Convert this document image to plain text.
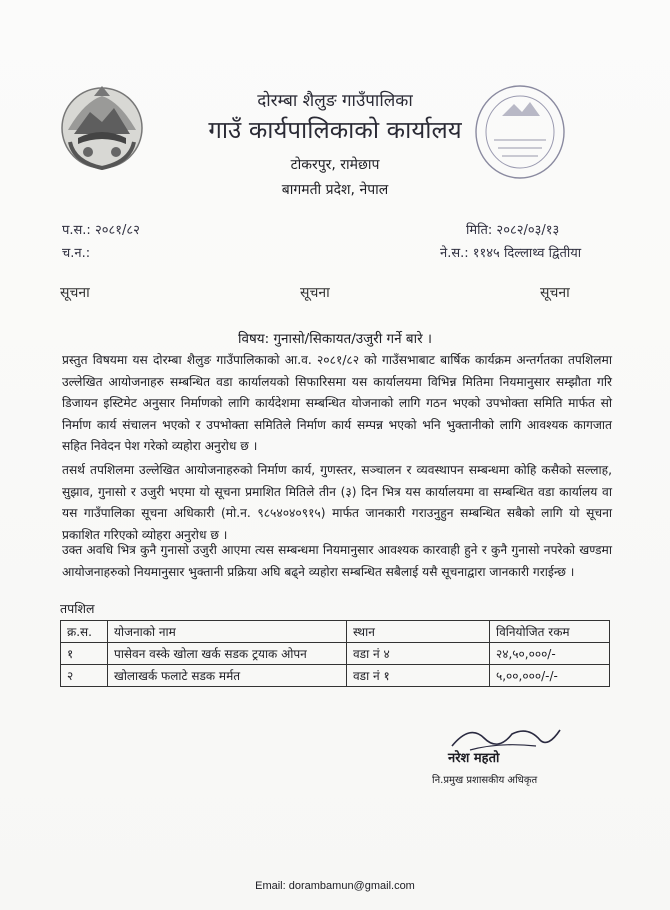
दोरम्बा शैलुङ गाउँपालिका
गाउँ कार्यपालिकाको कार्यालय
टोकरपुर, रामेछाप
बागमती प्रदेश, नेपाल
प.स.: २०८१/८२
च.न.:
मिति: २०८२/०३/१३
ने.स.: ११४५ दिल्लाथ्व द्वितीया
सूचना	सूचना	सूचना
विषय: गुनासो/सिकायत/उजुरी गर्ने बारे ।

प्रस्तुत विषयमा यस दोरम्बा शैलुङ गाउँपालिकाको आ.व. २०८१/८२ को गाउँसभाबाट बार्षिक कार्यक्रम अन्तर्गतका तपशिलमा उल्लेखित आयोजनाहरु सम्बन्धित वडा कार्यालयको सिफारिसमा यस कार्यालयमा विभिन्न मितिमा नियमानुसार सम्झौता गरि डिजायन इस्टिमेट अनुसार निर्माणको लागि कार्यदेशमा सम्बन्धित योजनाको लागि गठन भएको उपभोक्ता समिति मार्फत सो निर्माण कार्य संचालन भएको र उपभोक्ता समितिले निर्माण कार्य सम्पन्न भएको भनि भुक्तानीको लागि आवश्यक कागजात सहित निवेदन पेश गरेको व्यहोरा अनुरोध छ ।

तसर्थ तपशिलमा उल्लेखित आयोजनाहरुको निर्माण कार्य, गुणस्तर, सञ्चालन र व्यवस्थापन सम्बन्धमा कोहि कसैको सल्लाह, सुझाव, गुनासो र उजुरी भएमा यो सूचना प्रमाशित मितिले तीन (३) दिन भित्र यस कार्यालयमा वा सम्बन्धित वडा कार्यालय वा यस गाउँपालिका सूचना अधिकारी (मो.न. ९८५४०४०९१५) मार्फत जानकारी गराउनुहुन सम्बन्धित सबैको लागि यो सूचना प्रकाशित गरिएको व्योहरा अनुरोध छ ।

उक्त अवधि भित्र कुनै गुनासो उजुरी आएमा त्यस सम्बन्धमा नियमानुसार आवश्यक कारवाही हुने र कुनै गुनासो नपरेको खण्डमा आयोजनाहरुको नियमानुसार भुक्तानी प्रक्रिया अघि बढ्ने व्यहोरा सम्बन्धित सबैलाई यसै सूचनाद्वारा जानकारी गराईन्छ ।

तपशिल
क्र.स.	योजनाको नाम	स्थान	विनियोजित रकम
१	पासेवन वस्के खोला खर्क सडक ट्रयाक ओपन	वडा नं ४	२४,५०,०००/-
२	खोलाखर्क फलाटे सडक मर्मत	वडा नं १	५,००,०००/-/-
नरेश महतो
नि.प्रमुख प्रशासकीय अधिकृत
Email: dorambamun@gmail.com
